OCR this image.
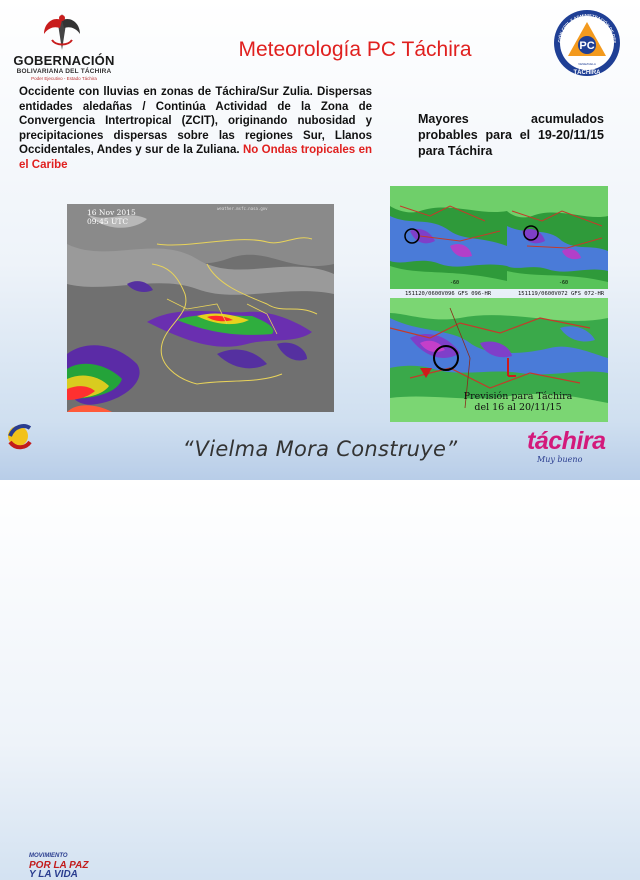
GOBERNACIÓN
BOLIVARIANA DEL TÁCHIRA
Poder Ejecutivo - Estado Táchira
Meteorología PC Táchira	PC
VENEZUELA
TÁCHIRA
CIÓN CIVIL Y ADMINISTRACIÓN DE DES

Occidente con lluvias en zonas de Táchira/Sur Zulia. Dispersas entidades aledañas / Continúa Actividad de la Zona de Convergencia Intertropical (ZCIT), originando nubosidad y precipitaciones dispersas sobre las regiones Sur, Llanos Occidentales, Andes y sur de la Zuliana. No Ondas tropicales en el Caribe

16 Nov 2015
09:45 UTC
weather.msfc.nasa.gov

Mayores acumulados probables para el 19-20/11/15 para Táchira

-60	-60
151120/0600V096 GFS 096-HR	151119/0600V072 GFS 072-HR
Previsión para Táchira del 16 al 20/11/15
“Vielma Mora Construye”
MOVIMIENTO
POR LA PAZ
Y LA VIDA
táchira
Muy bueno
